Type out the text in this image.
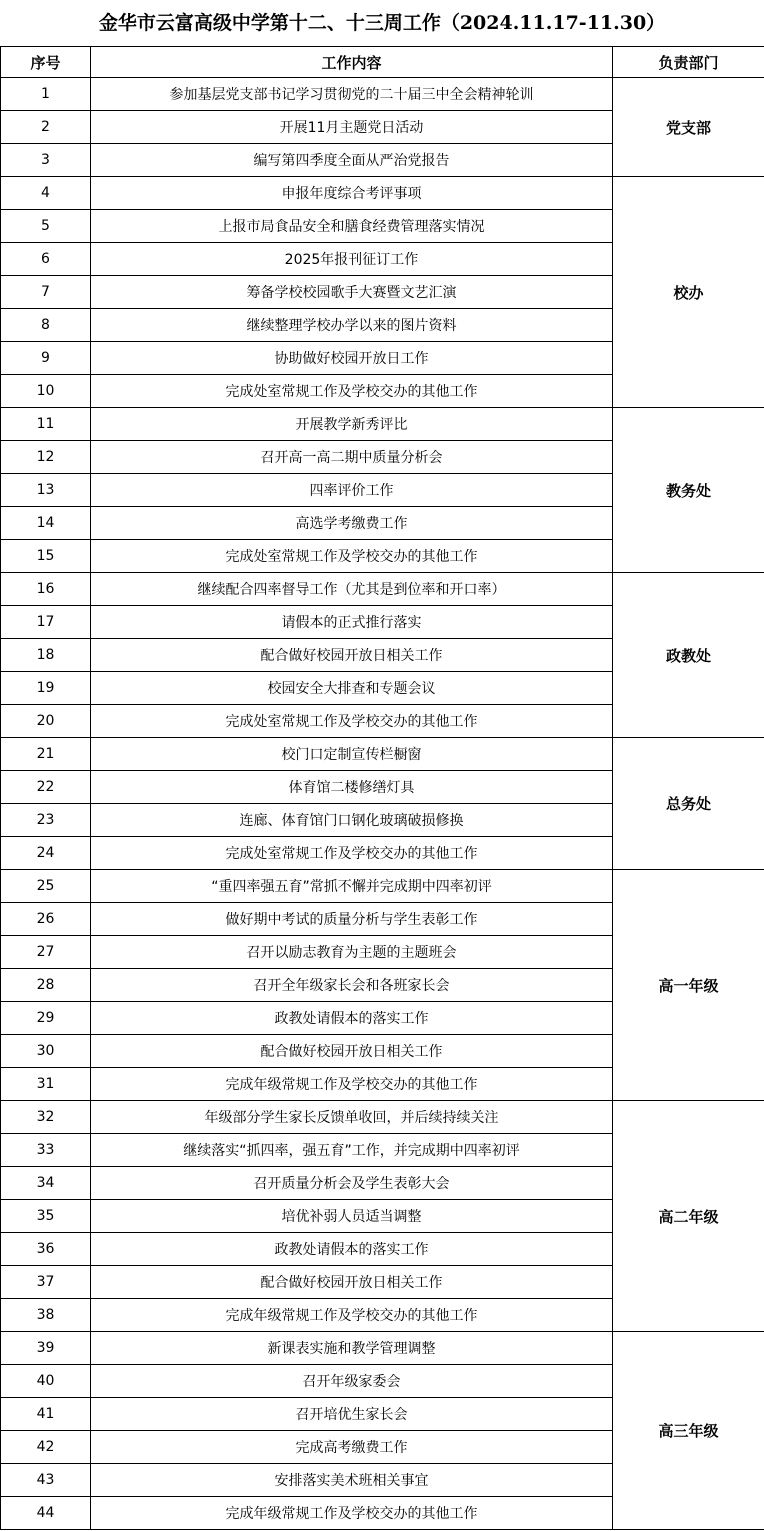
金华市云富高级中学第十二、十三周工作（2024.11.17-11.30）
序号	工作内容	负责部门
1	参加基层党支部书记学习贯彻党的二十届三中全会精神轮训	党支部
2	开展11月主题党日活动	
3	编写第四季度全面从严治党报告	
4	申报年度综合考评事项	校办
5	上报市局食品安全和膳食经费管理落实情况	
6	2025年报刊征订工作	
7	筹备学校校园歌手大赛暨文艺汇演	
8	继续整理学校办学以来的图片资料	
9	协助做好校园开放日工作	
10	完成处室常规工作及学校交办的其他工作	
11	开展教学新秀评比	教务处
12	召开高一高二期中质量分析会	
13	四率评价工作	
14	高选学考缴费工作	
15	完成处室常规工作及学校交办的其他工作	
16	继续配合四率督导工作（尤其是到位率和开口率）	政教处
17	请假本的正式推行落实	
18	配合做好校园开放日相关工作	
19	校园安全大排查和专题会议	
20	完成处室常规工作及学校交办的其他工作	
21	校门口定制宣传栏橱窗	总务处
22	体育馆二楼修缮灯具	
23	连廊、体育馆门口钢化玻璃破损修换	
24	完成处室常规工作及学校交办的其他工作	
25	“重四率强五育”常抓不懈并完成期中四率初评	高一年级
26	做好期中考试的质量分析与学生表彰工作	
27	召开以励志教育为主题的主题班会	
28	召开全年级家长会和各班家长会	
29	政教处请假本的落实工作	
30	配合做好校园开放日相关工作	
31	完成年级常规工作及学校交办的其他工作	
32	年级部分学生家长反馈单收回，并后续持续关注	高二年级
33	继续落实“抓四率，强五育”工作，并完成期中四率初评	
34	召开质量分析会及学生表彰大会	
35	培优补弱人员适当调整	
36	政教处请假本的落实工作	
37	配合做好校园开放日相关工作	
38	完成年级常规工作及学校交办的其他工作	
39	新课表实施和教学管理调整	高三年级
40	召开年级家委会	
41	召开培优生家长会	
42	完成高考缴费工作	
43	安排落实美术班相关事宜	
44	完成年级常规工作及学校交办的其他工作	
